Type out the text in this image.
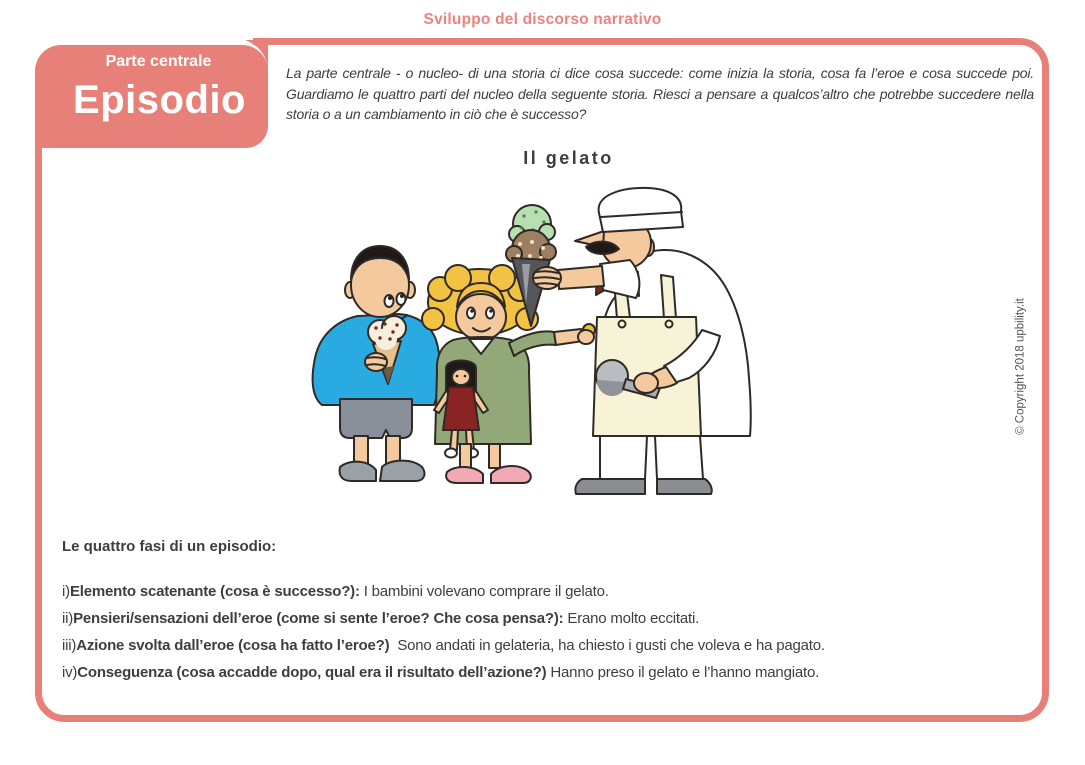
Sviluppo del discorso narrativo
Parte centrale
Episodio

La parte centrale - o nucleo- di una storia ci dice cosa succede: come inizia la storia, cosa fa l’eroe e cosa succede poi. Guardiamo le quattro parti del nucleo della seguente storia. Riesci a pensare a qualcos’altro che potrebbe succedere nella storia o a un cambiamento in ciò che è successo?

Il gelato
© Copyright 2018 upbility.it
Le quattro fasi di un episodio:
i)Elemento scatenante (cosa è successo?): I bambini volevano comprare il gelato.
ii)Pensieri/sensazioni dell’eroe (come si sente l’eroe? Che cosa pensa?): Erano molto eccitati.
iii)Azione svolta dall’eroe (cosa ha fatto l’eroe?)  Sono andati in gelateria, ha chiesto i gusti che voleva e ha pagato.
iv)Conseguenza (cosa accadde dopo, qual era il risultato dell’azione?) Hanno preso il gelato e l’hanno mangiato.
